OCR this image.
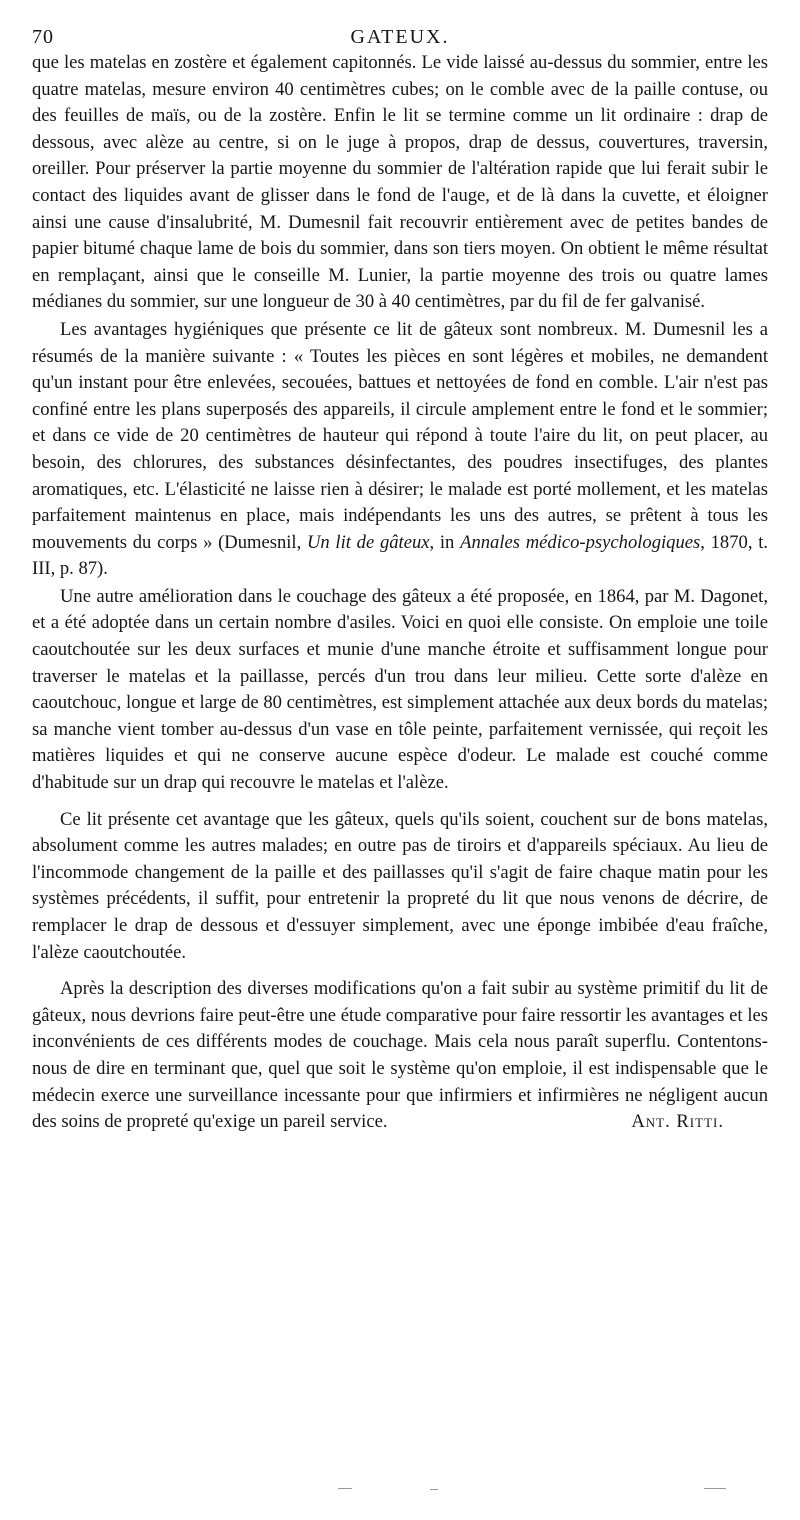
70	GATEUX.

que les matelas en zostère et également capitonnés. Le vide laissé au-dessus du sommier, entre les quatre matelas, mesure environ 40 centimètres cubes; on le comble avec de la paille contuse, ou des feuilles de maïs, ou de la zostère. Enfin le lit se termine comme un lit ordinaire : drap de dessous, avec alèze au centre, si on le juge à propos, drap de dessus, couvertures, traversin, oreiller. Pour préserver la partie moyenne du sommier de l'altération rapide que lui ferait subir le contact des liquides avant de glisser dans le fond de l'auge, et de là dans la cuvette, et éloigner ainsi une cause d'insalubrité, M. Dumesnil fait recouvrir entièrement avec de petites bandes de papier bitumé chaque lame de bois du sommier, dans son tiers moyen. On obtient le même résultat en remplaçant, ainsi que le conseille M. Lunier, la partie moyenne des trois ou quatre lames médianes du sommier, sur une longueur de 30 à 40 centimètres, par du fil de fer galvanisé.

Les avantages hygiéniques que présente ce lit de gâteux sont nombreux. M. Dumesnil les a résumés de la manière suivante : « Toutes les pièces en sont légères et mobiles, ne demandent qu'un instant pour être enlevées, secouées, battues et nettoyées de fond en comble. L'air n'est pas confiné entre les plans superposés des appareils, il circule amplement entre le fond et le sommier; et dans ce vide de 20 centimètres de hauteur qui répond à toute l'aire du lit, on peut placer, au besoin, des chlorures, des substances désinfectantes, des poudres insectifuges, des plantes aromatiques, etc. L'élasticité ne laisse rien à désirer; le malade est porté mollement, et les matelas parfaitement maintenus en place, mais indépendants les uns des autres, se prêtent à tous les mouvements du corps » (Dumesnil, Un lit de gâteux, in Annales médico-psychologiques, 1870, t. III, p. 87).

Une autre amélioration dans le couchage des gâteux a été proposée, en 1864, par M. Dagonet, et a été adoptée dans un certain nombre d'asiles. Voici en quoi elle consiste. On emploie une toile caoutchoutée sur les deux surfaces et munie d'une manche étroite et suffisamment longue pour traverser le matelas et la paillasse, percés d'un trou dans leur milieu. Cette sorte d'alèze en caoutchouc, longue et large de 80 centimètres, est simplement attachée aux deux bords du matelas; sa manche vient tomber au-dessus d'un vase en tôle peinte, parfaitement vernissée, qui reçoit les matières liquides et qui ne conserve aucune espèce d'odeur. Le malade est couché comme d'habitude sur un drap qui recouvre le matelas et l'alèze.

Ce lit présente cet avantage que les gâteux, quels qu'ils soient, couchent sur de bons matelas, absolument comme les autres malades; en outre pas de tiroirs et d'appareils spéciaux. Au lieu de l'incommode changement de la paille et des paillasses qu'il s'agit de faire chaque matin pour les systèmes précédents, il suffit, pour entretenir la propreté du lit que nous venons de décrire, de remplacer le drap de dessous et d'essuyer simplement, avec une éponge imbibée d'eau fraîche, l'alèze caoutchoutée.

Après la description des diverses modifications qu'on a fait subir au système primitif du lit de gâteux, nous devrions faire peut-être une étude comparative pour faire ressortir les avantages et les inconvénients de ces différents modes de couchage. Mais cela nous paraît superflu. Contentons-nous de dire en terminant que, quel que soit le système qu'on emploie, il est indispensable que le médecin exerce une surveillance incessante pour que infirmiers et infirmières ne négligent aucun des soins de propreté qu'exige un pareil service.	Ant. Ritti.
